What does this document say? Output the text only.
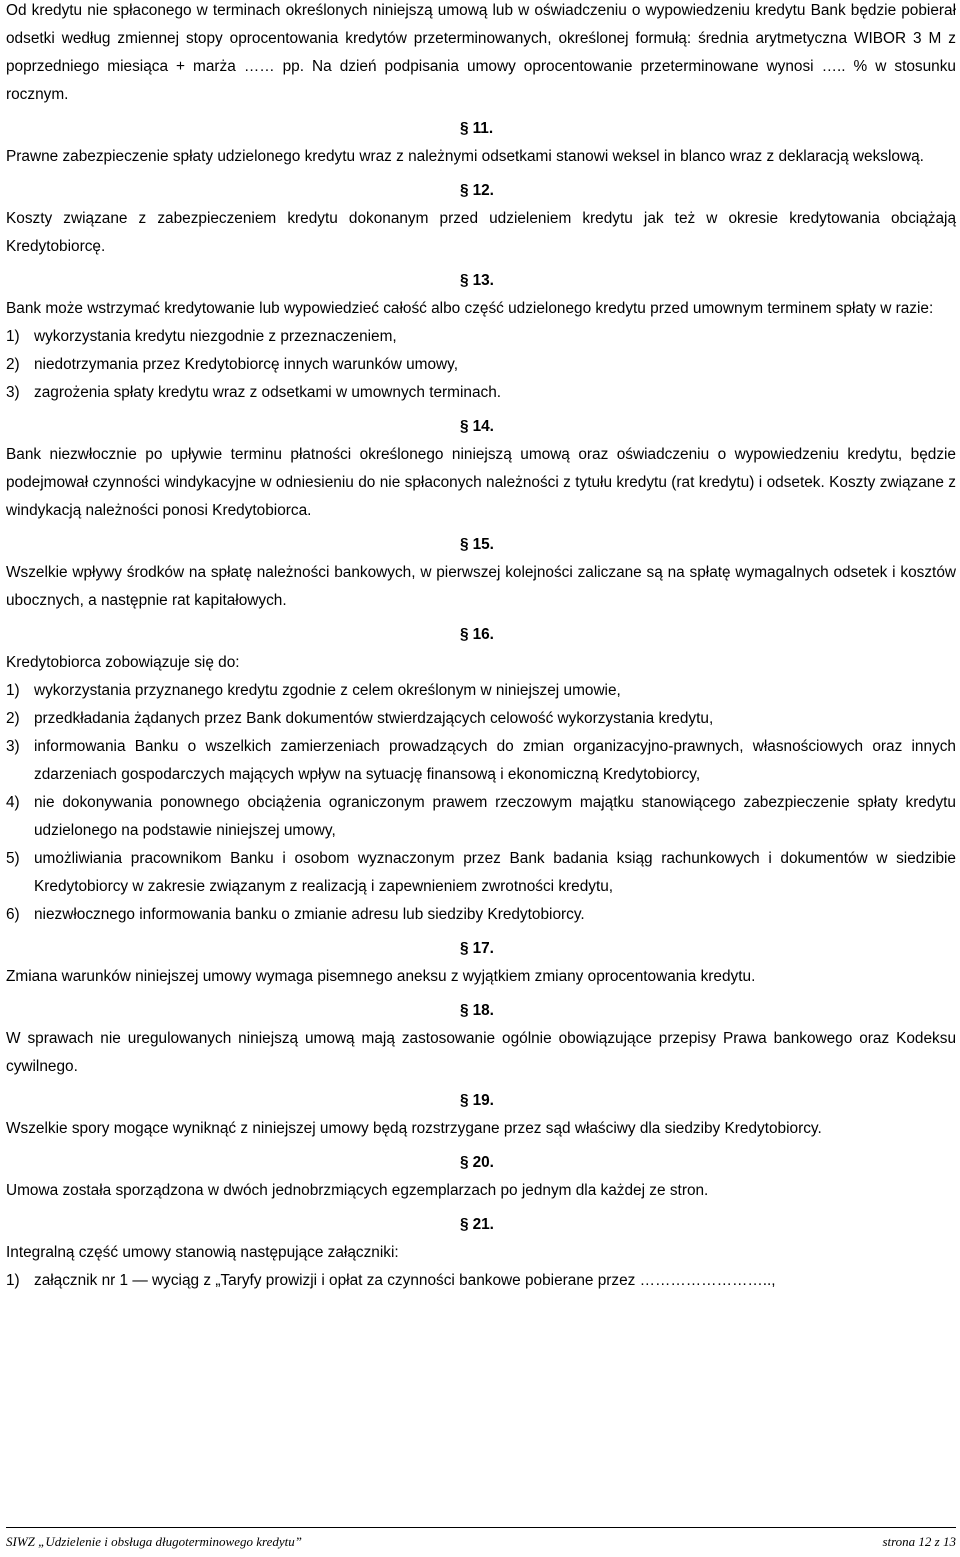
Od kredytu nie spłaconego w terminach określonych niniejszą umową lub w oświadczeniu o wypowiedzeniu kredytu Bank będzie pobierał odsetki według zmiennej stopy oprocentowania kredytów przeterminowanych, określonej formułą: średnia arytmetyczna WIBOR 3 M z poprzedniego miesiąca + marża …… pp. Na dzień podpisania umowy oprocentowanie przeterminowane wynosi ….. % w stosunku rocznym.

§ 11.

Prawne zabezpieczenie spłaty udzielonego kredytu wraz z należnymi odsetkami stanowi weksel in blanco wraz z deklaracją wekslową.

§ 12.

Koszty związane z zabezpieczeniem kredytu dokonanym przed udzieleniem kredytu jak też w okresie kredytowania obciążają Kredytobiorcę.

§ 13.

Bank może wstrzymać kredytowanie lub wypowiedzieć całość albo część udzielonego kredytu przed umownym terminem spłaty w razie:

1) wykorzystania kredytu niezgodnie z przeznaczeniem,
2) niedotrzymania przez Kredytobiorcę innych warunków umowy,
3) zagrożenia spłaty kredytu wraz z odsetkami w umownych terminach.
§ 14.

Bank niezwłocznie po upływie terminu płatności określonego niniejszą umową oraz oświadczeniu o wypowiedzeniu kredytu, będzie podejmował czynności windykacyjne w odniesieniu do nie spłaconych należności z tytułu kredytu (rat kredytu) i odsetek. Koszty związane z windykacją należności ponosi Kredytobiorca.

§ 15.

Wszelkie wpływy środków na spłatę należności bankowych, w pierwszej kolejności zaliczane są na spłatę wymagalnych odsetek i kosztów ubocznych, a następnie rat kapitałowych.

§ 16.

Kredytobiorca zobowiązuje się do:

1) wykorzystania przyznanego kredytu zgodnie z celem określonym w niniejszej umowie,
2) przedkładania żądanych przez Bank dokumentów stwierdzających celowość wykorzystania kredytu,
3) informowania Banku o wszelkich zamierzeniach prowadzących do zmian organizacyjno-prawnych, własnościowych oraz innych zdarzeniach gospodarczych mających wpływ na sytuację finansową i ekonomiczną Kredytobiorcy,
4) nie dokonywania ponownego obciążenia ograniczonym prawem rzeczowym majątku stanowiącego zabezpieczenie spłaty kredytu udzielonego na podstawie niniejszej umowy,
5) umożliwiania pracownikom Banku i osobom wyznaczonym przez Bank badania ksiąg rachunkowych i dokumentów w siedzibie Kredytobiorcy w zakresie związanym z realizacją i zapewnieniem zwrotności kredytu,
6) niezwłocznego informowania banku o zmianie adresu lub siedziby Kredytobiorcy.
§ 17.

Zmiana warunków niniejszej umowy wymaga pisemnego aneksu z wyjątkiem zmiany oprocentowania kredytu.

§ 18.

W sprawach nie uregulowanych niniejszą umową mają zastosowanie ogólnie obowiązujące przepisy Prawa bankowego oraz Kodeksu cywilnego.

§ 19.

Wszelkie spory mogące wyniknąć z niniejszej umowy będą rozstrzygane przez sąd właściwy dla siedziby Kredytobiorcy.

§ 20.

Umowa została sporządzona w dwóch jednobrzmiących egzemplarzach po jednym dla każdej ze stron.

§ 21.

Integralną część umowy stanowią następujące załączniki:

1) załącznik nr 1 — wyciąg z „Taryfy prowizji i opłat za czynności bankowe pobierane przez ……………………..,
SIWZ „Udzielenie i obsługa długoterminowego kredytu”	strona 12 z 13
